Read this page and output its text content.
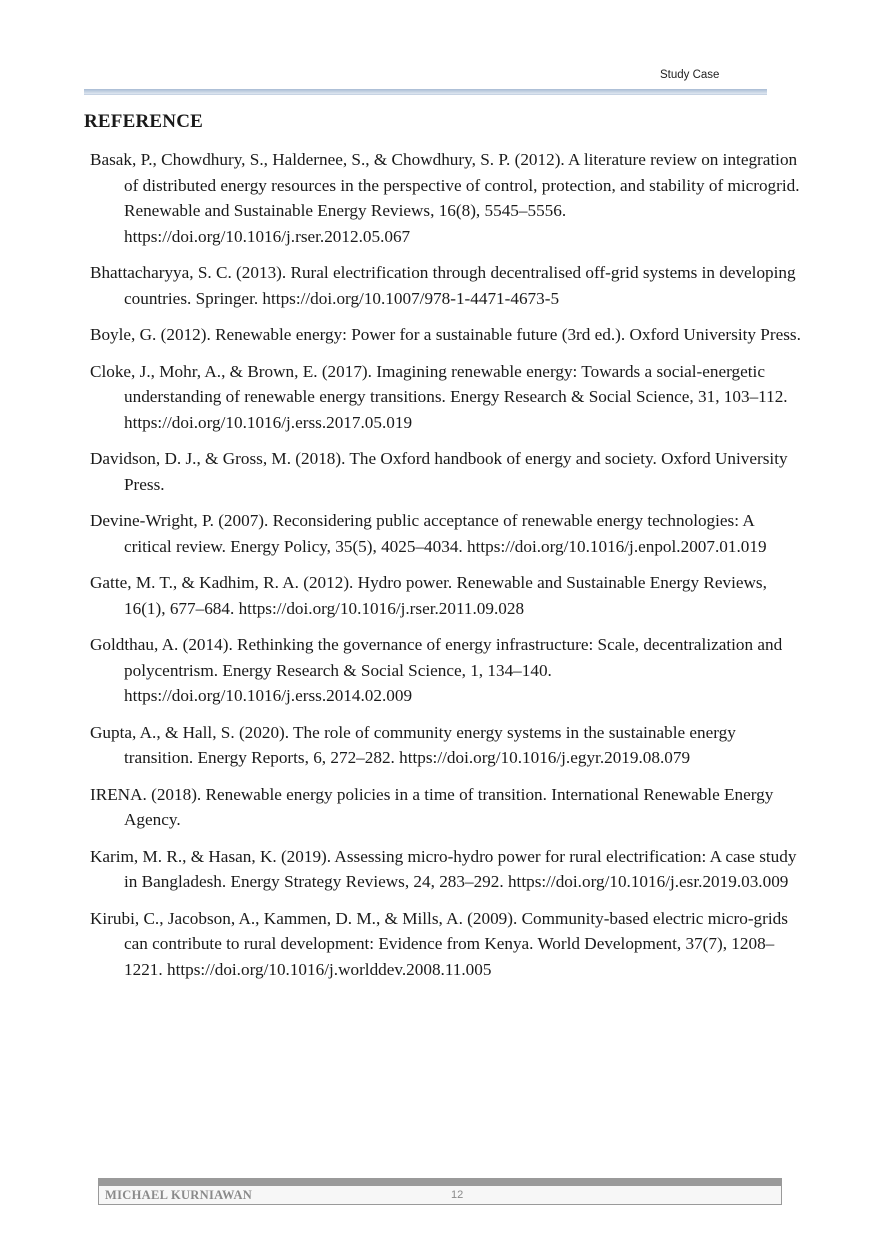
Study Case
REFERENCE

Basak, P., Chowdhury, S., Haldernee, S., & Chowdhury, S. P. (2012). A literature review on integration of distributed energy resources in the perspective of control, protection, and stability of microgrid. Renewable and Sustainable Energy Reviews, 16(8), 5545–5556. https://doi.org/10.1016/j.rser.2012.05.067

Bhattacharyya, S. C. (2013). Rural electrification through decentralised off-grid systems in developing countries. Springer. https://doi.org/10.1007/978-1-4471-4673-5

Boyle, G. (2012). Renewable energy: Power for a sustainable future (3rd ed.). Oxford University Press.

Cloke, J., Mohr, A., & Brown, E. (2017). Imagining renewable energy: Towards a social-energetic understanding of renewable energy transitions. Energy Research & Social Science, 31, 103–112. https://doi.org/10.1016/j.erss.2017.05.019

Davidson, D. J., & Gross, M. (2018). The Oxford handbook of energy and society. Oxford University Press.

Devine-Wright, P. (2007). Reconsidering public acceptance of renewable energy technologies: A critical review. Energy Policy, 35(5), 4025–4034. https://doi.org/10.1016/j.enpol.2007.01.019

Gatte, M. T., & Kadhim, R. A. (2012). Hydro power. Renewable and Sustainable Energy Reviews, 16(1), 677–684. https://doi.org/10.1016/j.rser.2011.09.028

Goldthau, A. (2014). Rethinking the governance of energy infrastructure: Scale, decentralization and polycentrism. Energy Research & Social Science, 1, 134–140. https://doi.org/10.1016/j.erss.2014.02.009

Gupta, A., & Hall, S. (2020). The role of community energy systems in the sustainable energy transition. Energy Reports, 6, 272–282. https://doi.org/10.1016/j.egyr.2019.08.079

IRENA. (2018). Renewable energy policies in a time of transition. International Renewable Energy Agency.

Karim, M. R., & Hasan, K. (2019). Assessing micro-hydro power for rural electrification: A case study in Bangladesh. Energy Strategy Reviews, 24, 283–292. https://doi.org/10.1016/j.esr.2019.03.009

Kirubi, C., Jacobson, A., Kammen, D. M., & Mills, A. (2009). Community-based electric micro-grids can contribute to rural development: Evidence from Kenya. World Development, 37(7), 1208–1221. https://doi.org/10.1016/j.worlddev.2008.11.005

MICHAEL KURNIAWAN	12
